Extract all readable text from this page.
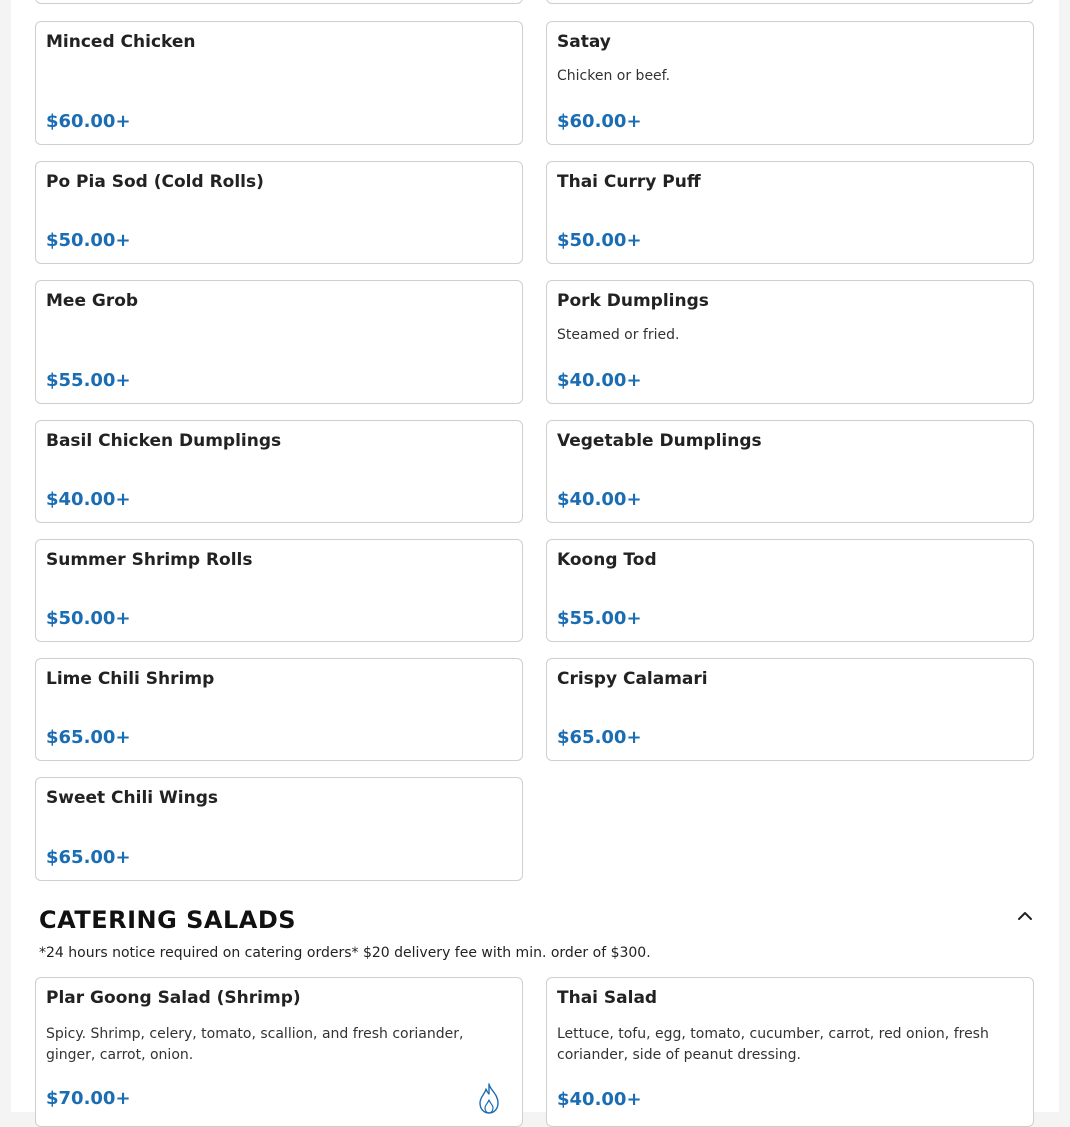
Minced Chicken
$60.00+
Satay
Chicken or beef.
$60.00+
Po Pia Sod (Cold Rolls)
$50.00+
Thai Curry Puff
$50.00+
Mee Grob
$55.00+
Pork Dumplings
Steamed or fried.
$40.00+
Basil Chicken Dumplings
$40.00+
Vegetable Dumplings
$40.00+
Summer Shrimp Rolls
$50.00+
Koong Tod
$55.00+
Lime Chili Shrimp
$65.00+
Crispy Calamari
$65.00+
Sweet Chili Wings
$65.00+
CATERING SALADS
*24 hours notice required on catering orders* $20 delivery fee with min. order of $300.
Plar Goong Salad (Shrimp)
Spicy. Shrimp, celery, tomato, scallion, and fresh coriander, ginger, carrot, onion.
$70.00+
Thai Salad
Lettuce, tofu, egg, tomato, cucumber, carrot, red onion, fresh coriander, side of peanut dressing.
$40.00+
